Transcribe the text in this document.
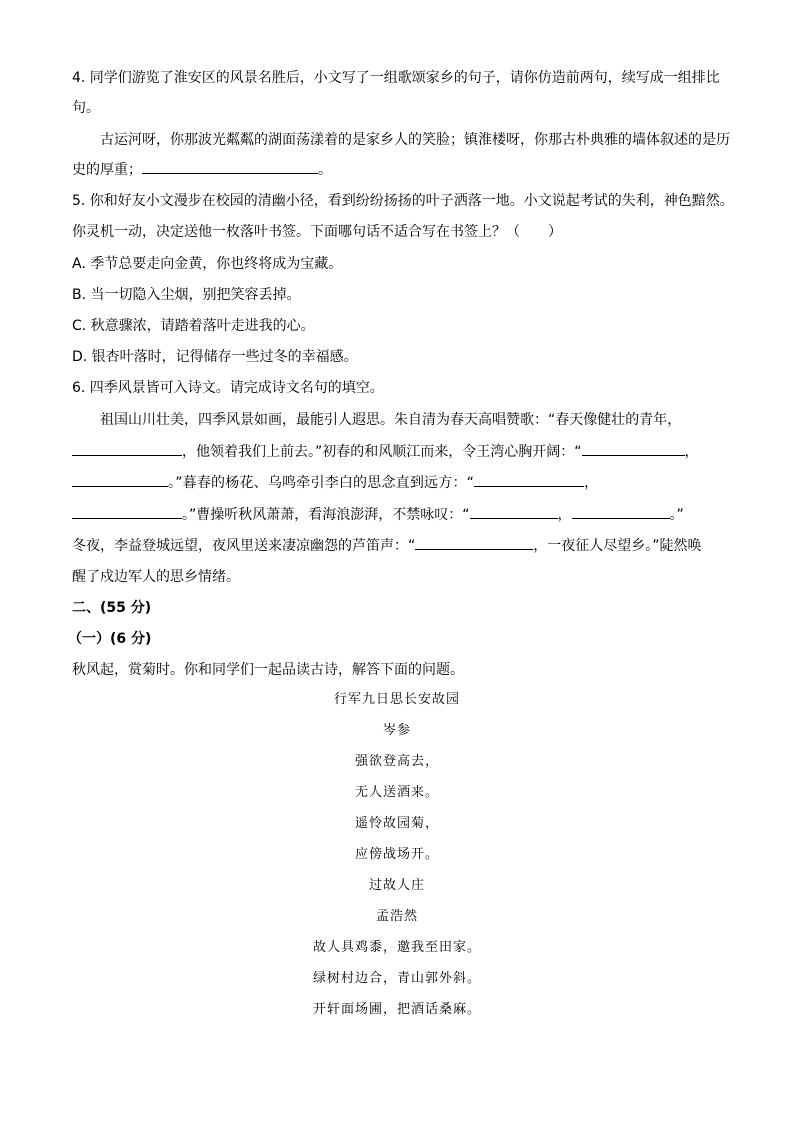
4. 同学们游览了淮安区的风景名胜后，小文写了一组歌颂家乡的句子，请你仿造前两句，续写成一组排比
句。
古运河呀，你那波光粼粼的湖面荡漾着的是家乡人的笑脸；镇淮楼呀，你那古朴典雅的墙体叙述的是历
史的厚重；	。
5. 你和好友小文漫步在校园的清幽小径，看到纷纷扬扬的叶子洒落一地。小文说起考试的失利，神色黯然。
你灵机一动，决定送他一枚落叶书签。下面哪句话不适合写在书签上？（　　）
A. 季节总要走向金黄，你也终将成为宝藏。
B. 当一切隐入尘烟，别把笑容丢掉。
C. 秋意骤浓，请踏着落叶走进我的心。
D. 银杏叶落时，记得储存一些过冬的幸福感。
6. 四季风景皆可入诗文。请完成诗文名句的填空。
祖国山川壮美，四季风景如画，最能引人遐思。朱自清为春天高唱赞歌：“春天像健壮的青年，
，他领着我们上前去。”初春的和风顺江而来，令王湾心胸开阔：“	，
。”暮春的杨花、乌鸣牵引李白的思念直到远方：“	，
。”曹操听秋风萧萧，看海浪澎湃，不禁咏叹：“	，	。”
冬夜，李益登城远望，夜风里送来凄凉幽怨的芦笛声：“	，一夜征人尽望乡。”陡然唤
醒了戍边军人的思乡情绪。
二、(55 分)
（一）(6 分)
秋风起，赏菊时。你和同学们一起品读古诗，解答下面的问题。
行军九日思长安故园
岑参
强欲登高去，
无人送酒来。
遥怜故园菊，
应傍战场开。
过故人庄
孟浩然
故人具鸡黍，邀我至田家。
绿树村边合，青山郭外斜。
开轩面场圃，把酒话桑麻。
